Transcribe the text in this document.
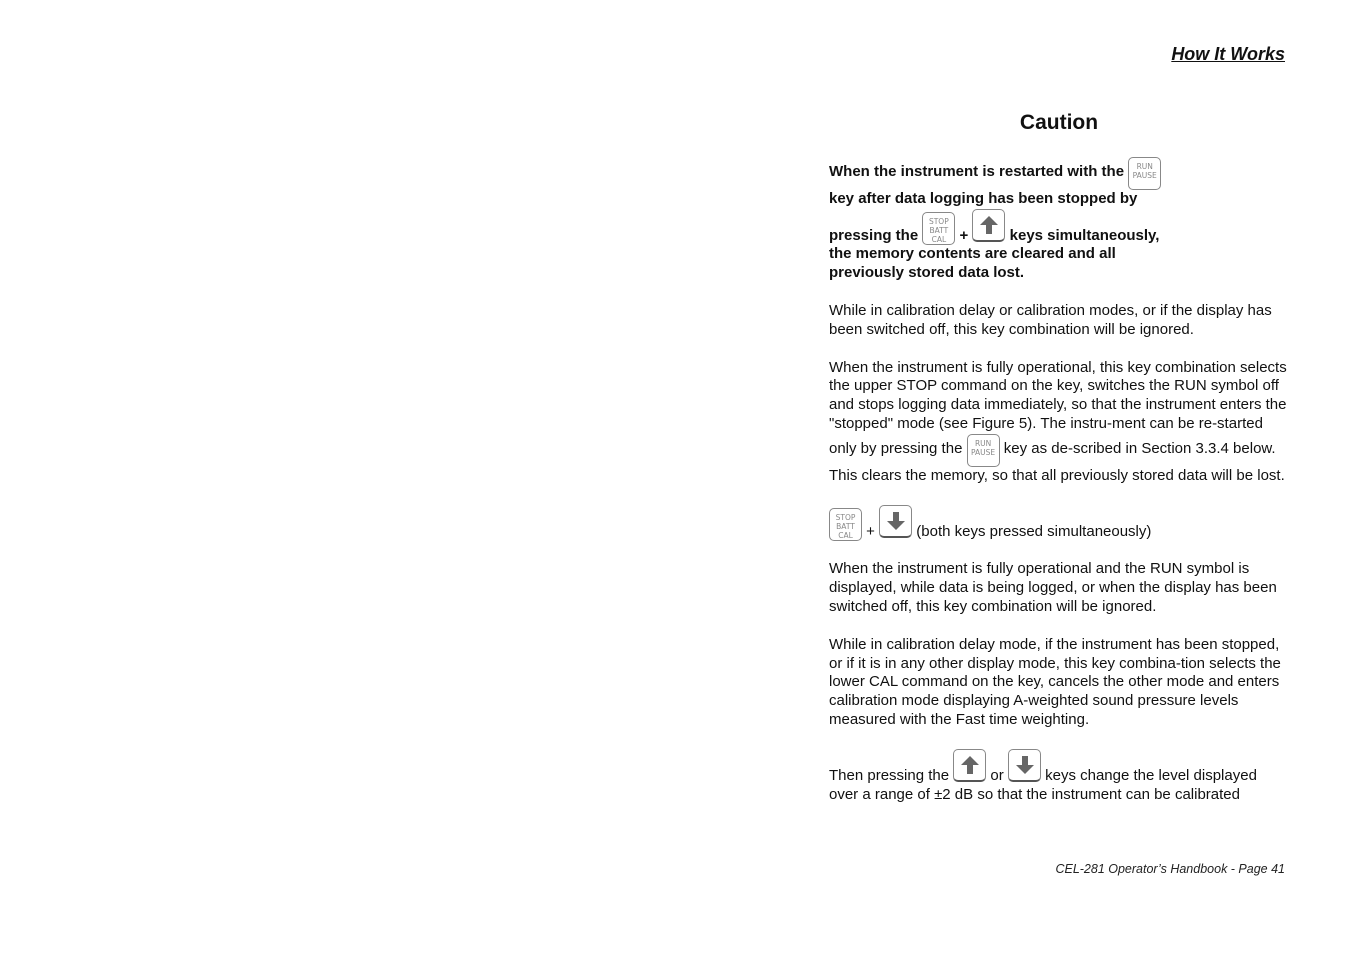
How It Works
Caution

When the instrument is restarted with the	RUN
PAUSE

key after data logging has been stopped by
pressing the
STOP
BATT
CAL +	keys simultaneously,
the memory contents are cleared and all
previously stored data lost.

While in calibration delay or calibration modes, or if the display has been switched off, this key combination will be ignored.

When the instrument is fully operational, this key combination selects the upper STOP command on the key, switches the RUN symbol off and stops logging data immediately, so that the instrument enters the "stopped" mode (see Figure 5). The instru-ment can be re-started only by pressing the	RUN
PAUSE key as de-scribed in Section 3.3.4 below. This clears the memory, so that all previously stored data will be lost.

STOP
BATT
CAL +	(both keys pressed simultaneously)

When the instrument is fully operational and the RUN symbol is displayed, while data is being logged, or when the display has been switched off, this key combination will be ignored.

While in calibration delay mode, if the instrument has been stopped, or if it is in any other display mode, this key combina-tion selects the lower CAL command on the key, cancels the other mode and enters calibration mode displaying A-weighted sound pressure levels measured with the Fast time weighting.

Then pressing the	or	keys change the level displayed over a range of ±2 dB so that the instrument can be calibrated

CEL-281 Operator’s Handbook - Page 41
